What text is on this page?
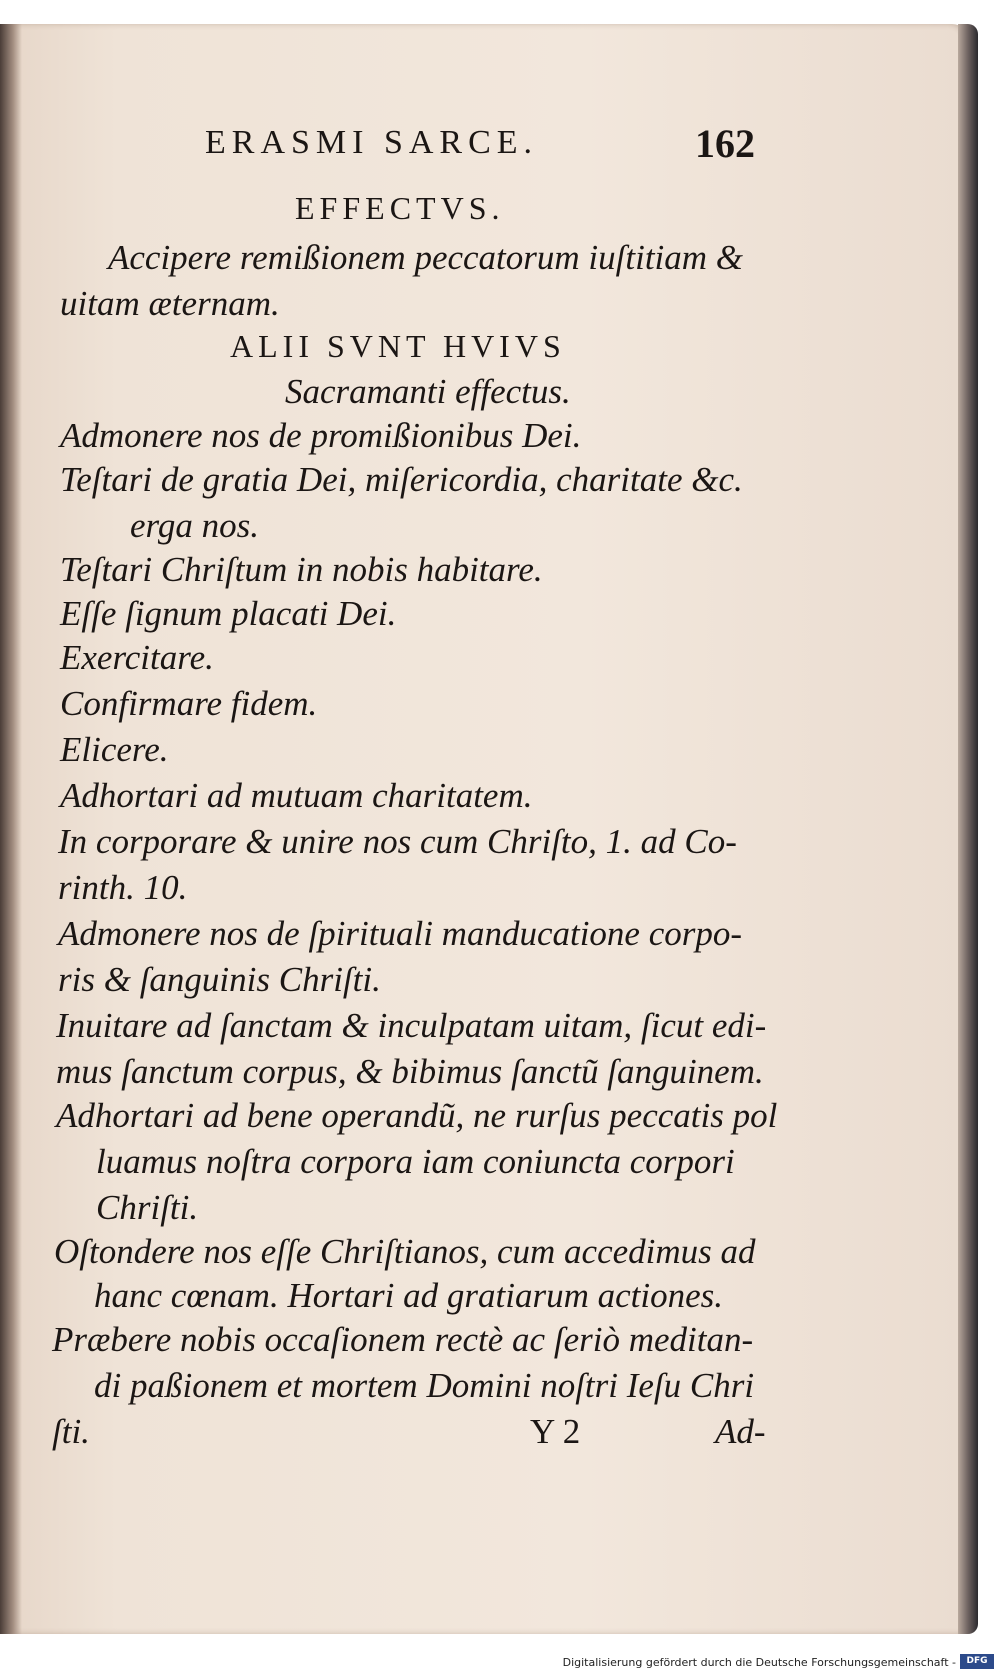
ERASMI SARCE.	162
EFFECTVS.
Accipere remißionem peccatorum iuſtitiam &
uitam æternam.
ALII SVNT HVIVS
Sacramanti effectus.
Admonere nos de promißionibus Dei.
Teſtari de gratia Dei, miſericordia, charitate &c.
erga nos.
Teſtari Chriſtum in nobis habitare.
Eſſe ſignum placati Dei.
Exercitare.
Confirmare fidem.
Elicere.
Adhortari ad mutuam charitatem.
In corporare & unire nos cum Chriſto, 1. ad Co-
rinth. 10.
Admonere nos de ſpirituali manducatione corpo-
ris & ſanguinis Chriſti.
Inuitare ad ſanctam & inculpatam uitam, ſicut edi-
mus ſanctum corpus, & bibimus ſanctũ ſanguinem.
Adhortari ad bene operandũ, ne rurſus peccatis pol
luamus noſtra corpora iam coniuncta corpori
Chriſti.
Oſtondere nos eſſe Chriſtianos, cum accedimus ad
hanc cœnam. Hortari ad gratiarum actiones.
Præbere nobis occaſionem rectè ac ſeriò meditan-
di paßionem et mortem Domini noſtri Ieſu Chri
ſti.	Y 2	Ad-
Digitalisierung gefördert durch die Deutsche Forschungsgemeinschaft -	DFG
